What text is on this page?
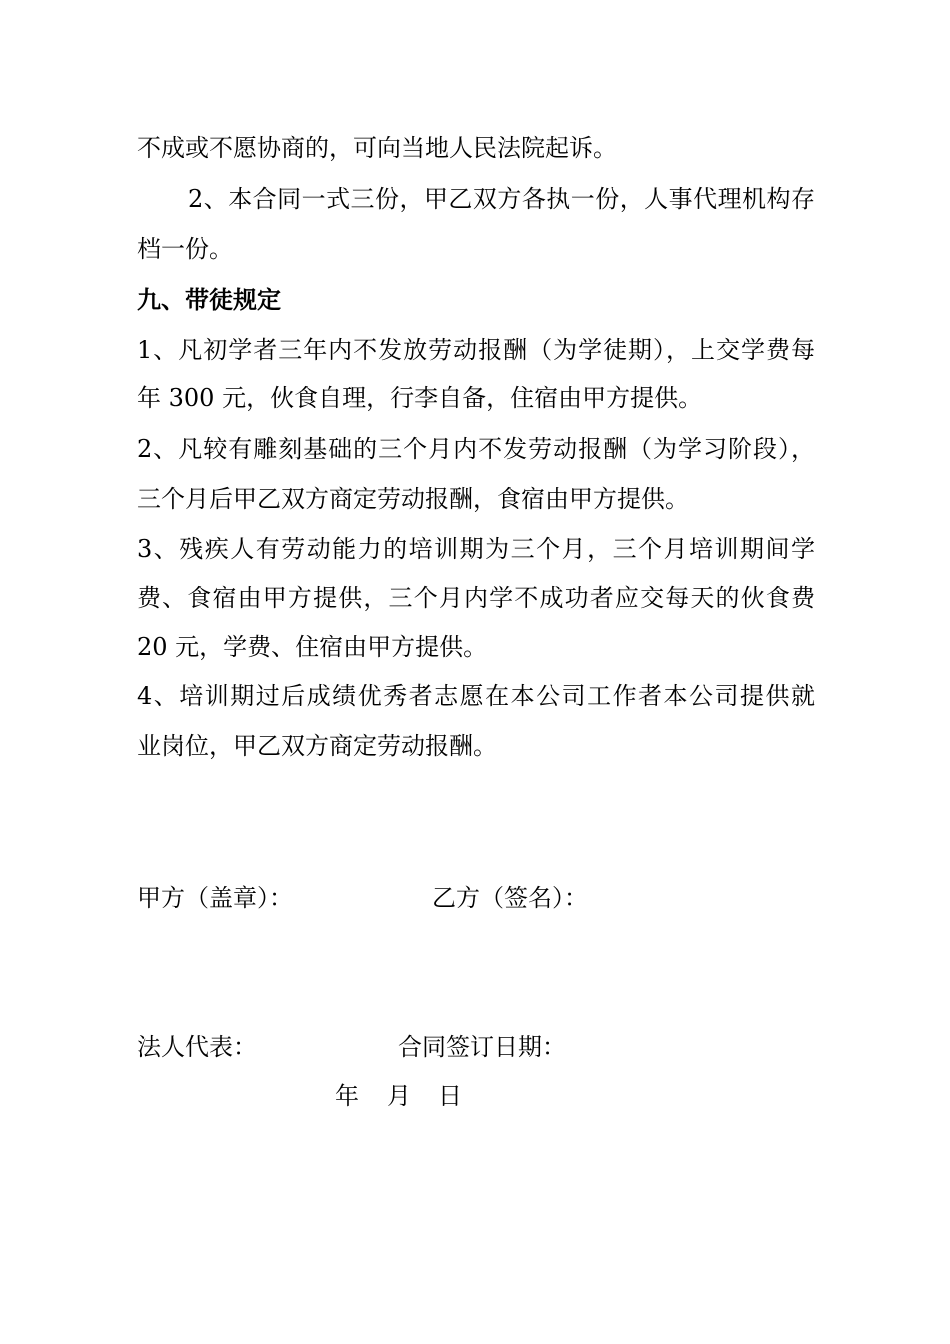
不成或不愿协商的，可向当地人民法院起诉。
2、本合同一式三份，甲乙双方各执一份，人事代理机构存
档一份。
九、带徒规定
1、凡初学者三年内不发放劳动报酬（为学徒期），上交学费每
年 300 元，伙食自理，行李自备，住宿由甲方提供。
2、凡较有雕刻基础的三个月内不发劳动报酬（为学习阶段），
三个月后甲乙双方商定劳动报酬，食宿由甲方提供。
3、残疾人有劳动能力的培训期为三个月，三个月培训期间学
费、食宿由甲方提供，三个月内学不成功者应交每天的伙食费
20 元，学费、住宿由甲方提供。
4、培训期过后成绩优秀者志愿在本公司工作者本公司提供就
业岗位，甲乙双方商定劳动报酬。
甲方（盖章）：	乙方（签名）：
法人代表：	合同签订日期：
年 月 日
